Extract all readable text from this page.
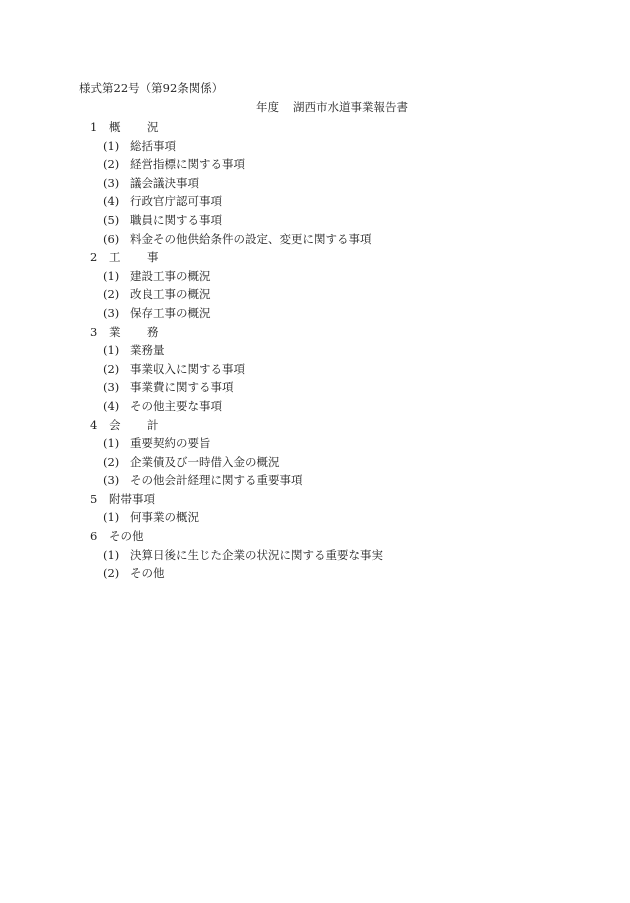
様式第22号（第92条関係）
年度 湖西市水道事業報告書
1 概 況
(1) 総括事項
(2) 経営指標に関する事項
(3) 議会議決事項
(4) 行政官庁認可事項
(5) 職員に関する事項
(6) 料金その他供給条件の設定、変更に関する事項
2 工 事
(1) 建設工事の概況
(2) 改良工事の概況
(3) 保存工事の概況
3 業 務
(1) 業務量
(2) 事業収入に関する事項
(3) 事業費に関する事項
(4) その他主要な事項
4 会 計
(1) 重要契約の要旨
(2) 企業債及び一時借入金の概況
(3) その他会計経理に関する重要事項
5 附帯事項
(1) 何事業の概況
6 その他
(1) 決算日後に生じた企業の状況に関する重要な事実
(2) その他
